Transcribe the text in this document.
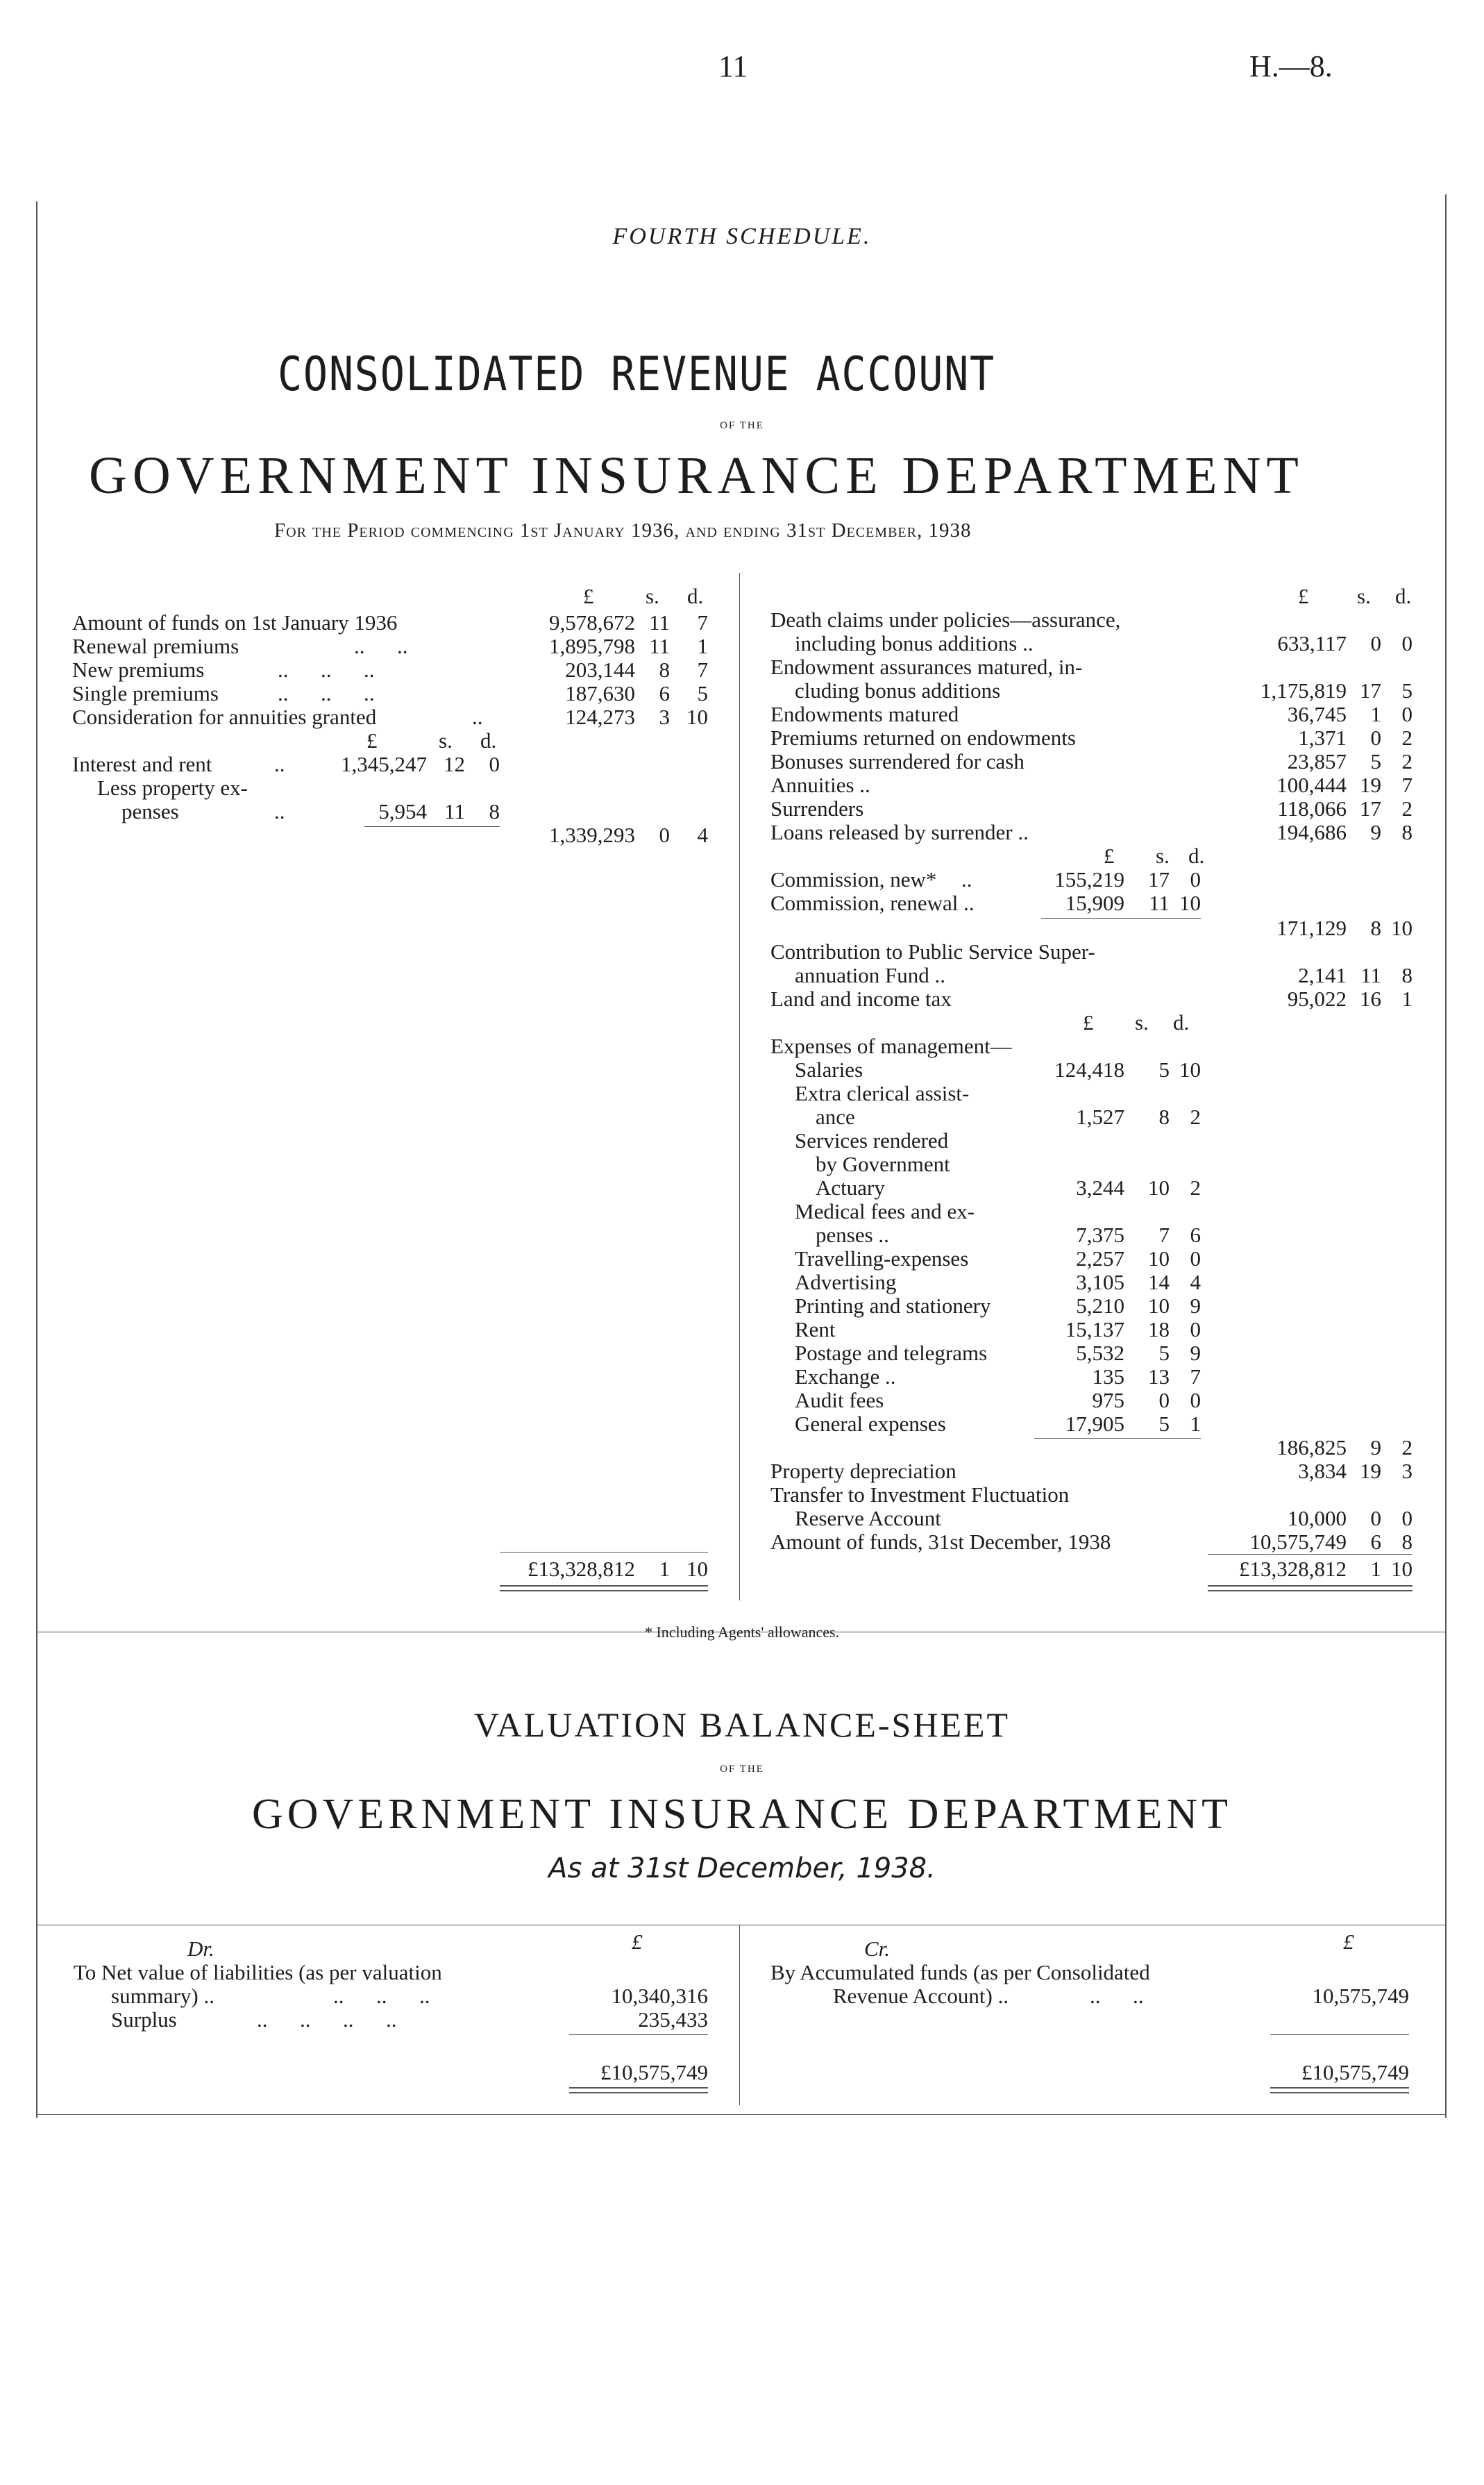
11	H.—8.
FOURTH SCHEDULE.
CONSOLIDATED REVENUE ACCOUNT
OF THE
GOVERNMENT INSURANCE DEPARTMENT
For the Period commencing 1st January 1936, and ending 31st December, 1938
£ s. d.
Amount of funds on 1st January 1936	9,578,672 11	7
Renewal premiums	1,895,798 11	1
New premiums	203,144	8	7
Single premiums	187,630	6	5
Consideration for annuities granted	124,273	3 10
£	s. d.
Interest and rent	..	1,345,247 12	0
Less property ex-
penses	5,954 11	8
1,339,293	0	4
£13,328,812	1 10
£ s. d.
Death claims under policies—assurance,
including bonus additions ..	633,117	0 0
Endowment assurances matured, in-
cluding bonus additions	1,175,819 17 5
Endowments matured	36,745	1 0
Premiums returned on endowments	1,371	0 2
Bonuses surrendered for cash	23,857	5 2
Annuities ..	100,444 19 7
Surrenders	118,066 17 2
Loans released by surrender ..	194,686	9 8
£ s. d.
Commission, new* ..	155,219	17 0
Commission, renewal ..	15,909	11 10
171,129	8 10
Contribution to Public Service Super-
annuation Fund ..	2,141 11 8
Land and income tax	95,022 16 1
£ s. d.
Expenses of management—
Salaries	124,418	5 10
Extra clerical assist-
ance	1,527	8 2
Services rendered
by Government
Actuary	3,244	10 2
Medical fees and ex-
penses ..	7,375	7 6
Travelling-expenses	2,257	10 0
Advertising	3,105	14 4
Printing and stationery	5,210	10 9
Rent	15,137	18 0
Postage and telegrams	5,532	5 9
Exchange ..	135	13 7
Audit fees	975	0 0
General expenses	17,905	5 1
186,825	9 2
Property depreciation	3,834 19 3
Transfer to Investment Fluctuation
Reserve Account	10,000	0 0
Amount of funds, 31st December, 1938	10,575,749	6 8
£13,328,812	1 10
* Including Agents' allowances.
VALUATION BALANCE-SHEET
OF THE
GOVERNMENT INSURANCE DEPARTMENT
As at 31st December, 1938.
Dr.	£
To Net value of liabilities (as per valuation
summary) ..	..      ..      ..	10,340,316
Surplus	..      ..      ..      ..	235,433
£10,575,749
Cr.	£
By Accumulated funds (as per Consolidated
Revenue Account) ..	..      ..	10,575,749
£10,575,749
..      ..
..      ..      ..
..      ..      ..
..
..
